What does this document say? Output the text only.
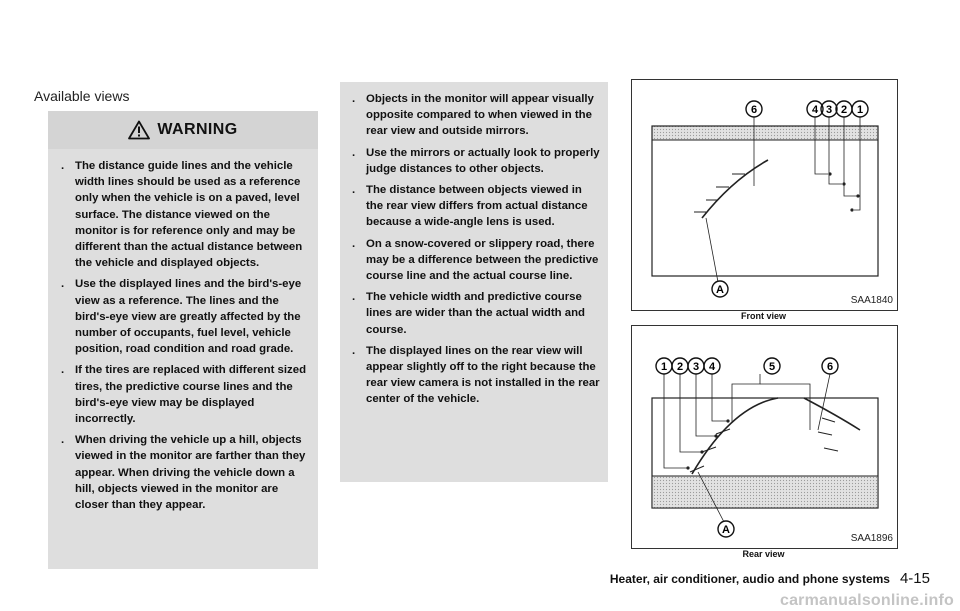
Available views
WARNING
. The distance guide lines and the vehicle width lines should be used as a reference only when the vehicle is on a paved, level surface. The distance viewed on the monitor is for reference only and may be different than the actual distance between the vehicle and displayed objects.
. Use the displayed lines and the bird's-eye view as a reference. The lines and the bird's-eye view are greatly affected by the number of occupants, fuel level, vehicle position, road condition and road grade.
. If the tires are replaced with different sized tires, the predictive course lines and the bird's-eye view may be displayed incorrectly.
. When driving the vehicle up a hill, objects viewed in the monitor are farther than they appear. When driving the vehicle down a hill, objects viewed in the monitor are closer than they appear.
. Objects in the monitor will appear visually opposite compared to when viewed in the rear view and outside mirrors.
. Use the mirrors or actually look to properly judge distances to other objects.
. The distance between objects viewed in the rear view differs from actual distance because a wide-angle lens is used.
. On a snow-covered or slippery road, there may be a difference between the predictive course line and the actual course line.
. The vehicle width and predictive course lines are wider than the actual width and course.
. The displayed lines on the rear view will appear slightly off to the right because the rear view camera is not installed in the rear center of the vehicle.
6	4 3 2 1
A
SAA1840
Front view
1 2 3 4	5	6
A
SAA1896
Rear view
Heater, air conditioner, audio and phone systems 4-15
carmanualsonline.info
